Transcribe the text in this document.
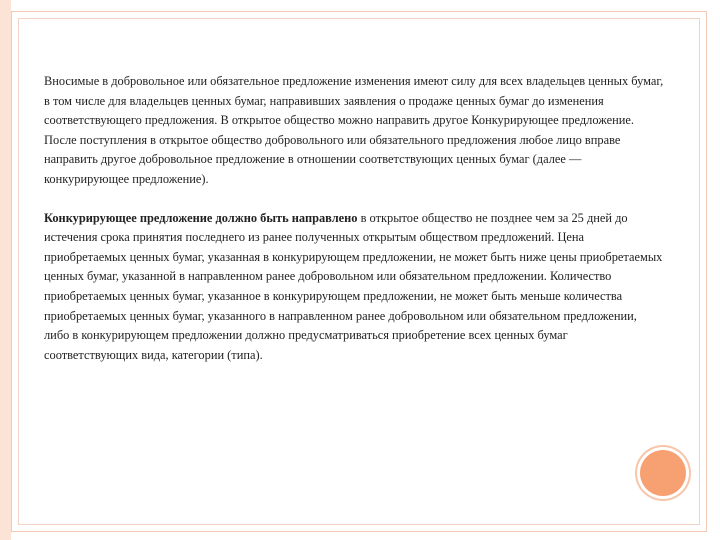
Вносимые в добровольное или обязательное предложение изменения имеют силу для всех владельцев ценных бумаг, в том числе для владельцев ценных бумаг, направивших заявления о продаже ценных бумаг до изменения соответствующего предложения. В открытое общество можно направить другое Конкурирующее предложение. После поступления в открытое общество добровольного или обязательного предложения любое лицо вправе направить другое добровольное предложение в отношении соответствующих ценных бумаг (далее — конкурирующее предложение).

Конкурирующее предложение должно быть направлено в открытое общество не позднее чем за 25 дней до истечения срока принятия последнего из ранее полученных открытым обществом предложений. Цена приобретаемых ценных бумаг, указанная в конкурирующем предложении, не может быть ниже цены приобретаемых ценных бумаг, указанной в направленном ранее добровольном или обязательном предложении. Количество приобретаемых ценных бумаг, указанное в конкурирующем предложении, не может быть меньше количества приобретаемых ценных бумаг, указанного в направленном ранее добровольном или обязательном предложении, либо в конкурирующем предложении должно предусматриваться приобретение всех ценных бумаг соответствующих вида, категории (типа).
